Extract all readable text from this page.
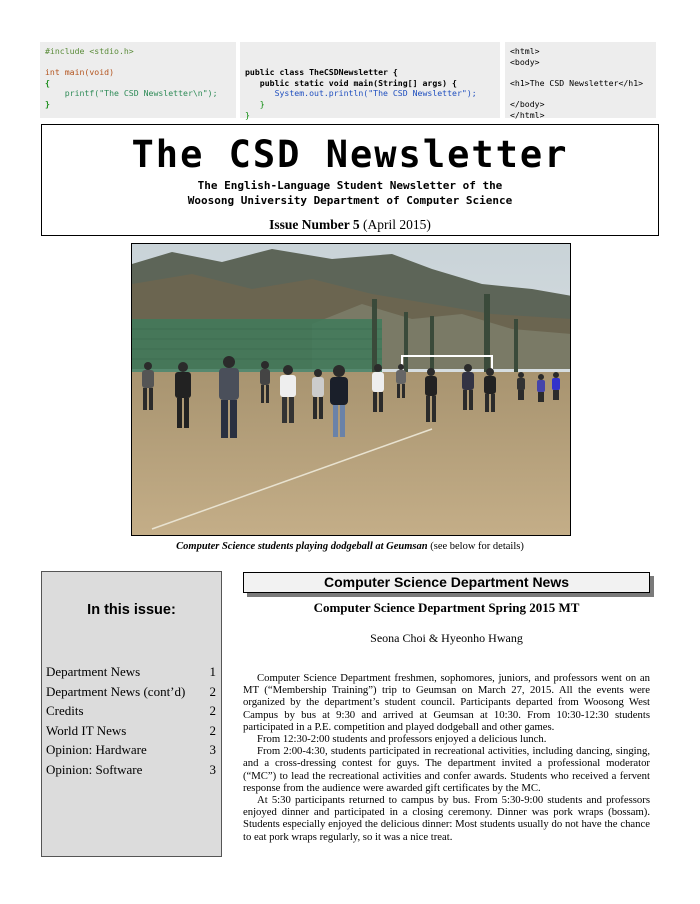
#include <stdio.h>

int main(void)
{
printf("The CSD Newsletter\n");
}

public class TheCSDNewsletter {
public static void main(String[] args) {
System.out.println("The CSD Newsletter");
}
}
<html>
<body>

<h1>The CSD Newsletter</h1>

</body>
</html>
The CSD Newsletter
The English-Language Student Newsletter of the
Woosong University Department of Computer Science
Issue Number 5 (April 2015)
Computer Science students playing dodgeball at Geumsan (see below for details)
In this issue:
Department News	1
Department News (cont’d) 2
Credits	2
World IT News	2
Opinion: Hardware	3
Opinion: Software	3
Computer Science Department News
Computer Science Department Spring 2015 MT
Seona Choi & Hyeonho Hwang

Computer Science Department freshmen, sophomores, juniors, and professors went on an MT (“Membership Training”) trip to Geumsan on March 27, 2015. All the events were organized by the department’s student council. Participants departed from Woosong West Campus by bus at 9:30 and arrived at Geumsan at 10:30. From 10:30-12:30 students participated in a P.E. competition and played dodgeball and other games.

From 12:30-2:00 students and professors enjoyed a delicious lunch.

From 2:00-4:30, students participated in recreational activities, including dancing, singing, and a cross-dressing contest for guys. The department invited a professional moderator (“MC”) to lead the recreational activities and confer awards. Students who received a fervent response from the audience were awarded gift certificates by the MC.

At 5:30 participants returned to campus by bus. From 5:30-9:00 students and professors enjoyed dinner and participated in a closing ceremony. Dinner was pork wraps (bossam). Students especially enjoyed the delicious dinner: Most students usually do not have the chance to eat pork wraps regularly, so it was a nice treat.
